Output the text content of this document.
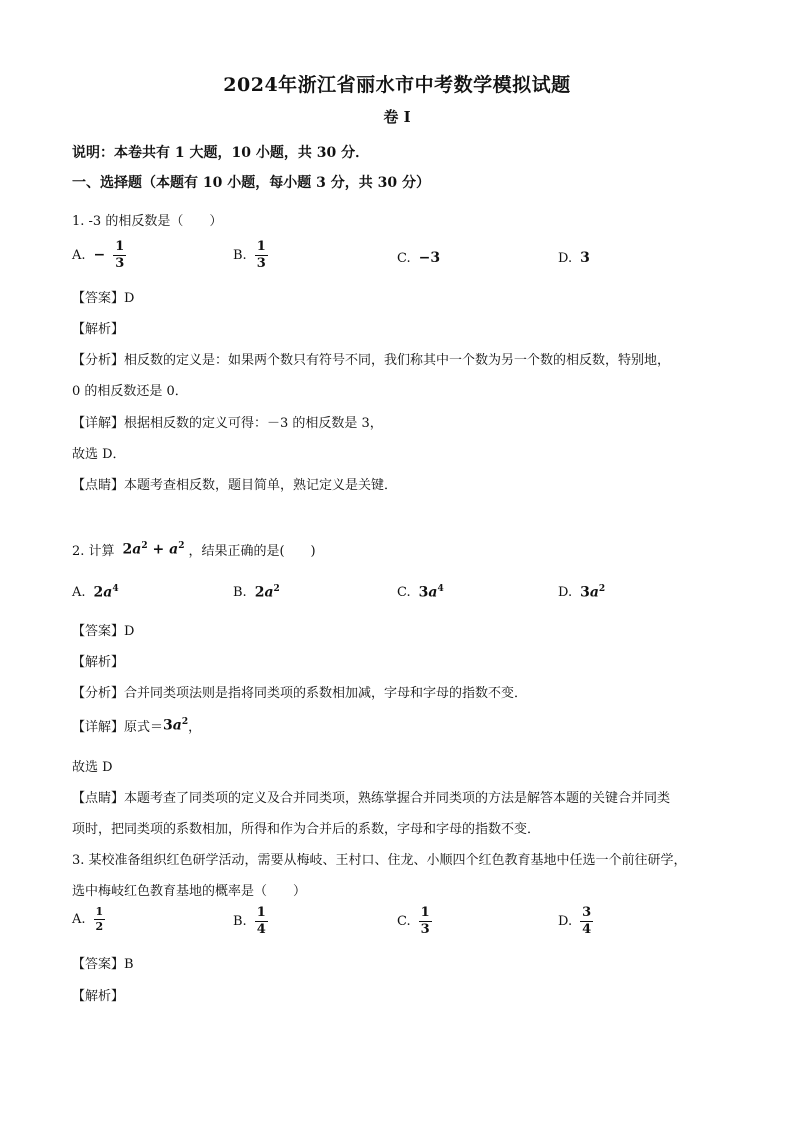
2024年浙江省丽水市中考数学模拟试题
卷 I
说明：本卷共有 1 大题，10 小题，共 30 分．
一、选择题（本题有 10 小题，每小题 3 分，共 30 分）
1. -3 的相反数是（　　）
A. − $\frac{1}{3}$	B. $\frac{1}{3}$	C. −3	D. 3
【答案】D
【解析】
【分析】相反数的定义是：如果两个数只有符号不同，我们称其中一个数为另一个数的相反数，特别地，
0 的相反数还是 0．
【详解】根据相反数的定义可得：－3 的相反数是 3，
故选 D．
【点睛】本题考查相反数，题目简单，熟记定义是关键．
2. 计算 $2a^2 + a^2$ ，结果正确的是(　　)
A. $2a^4$	B. $2a^2$	C. $3a^4$	D. $3a^2$
【答案】D
【解析】
【分析】合并同类项法则是指将同类项的系数相加减，字母和字母的指数不变．
【详解】原式＝ $3a^2$ ，
故选 D
【点睛】本题考查了同类项的定义及合并同类项，熟练掌握合并同类项的方法是解答本题的关键合并同类
项时，把同类项的系数相加，所得和作为合并后的系数，字母和字母的指数不变．
3. 某校准备组织红色研学活动，需要从梅岐、王村口、住龙、小顺四个红色教育基地中任选一个前往研学，
选中梅岐红色教育基地的概率是（　　）
A. $\frac{1}{2}$	B. $\frac{1}{4}$	C. $\frac{1}{3}$	D. $\frac{3}{4}$
【答案】B
【解析】
